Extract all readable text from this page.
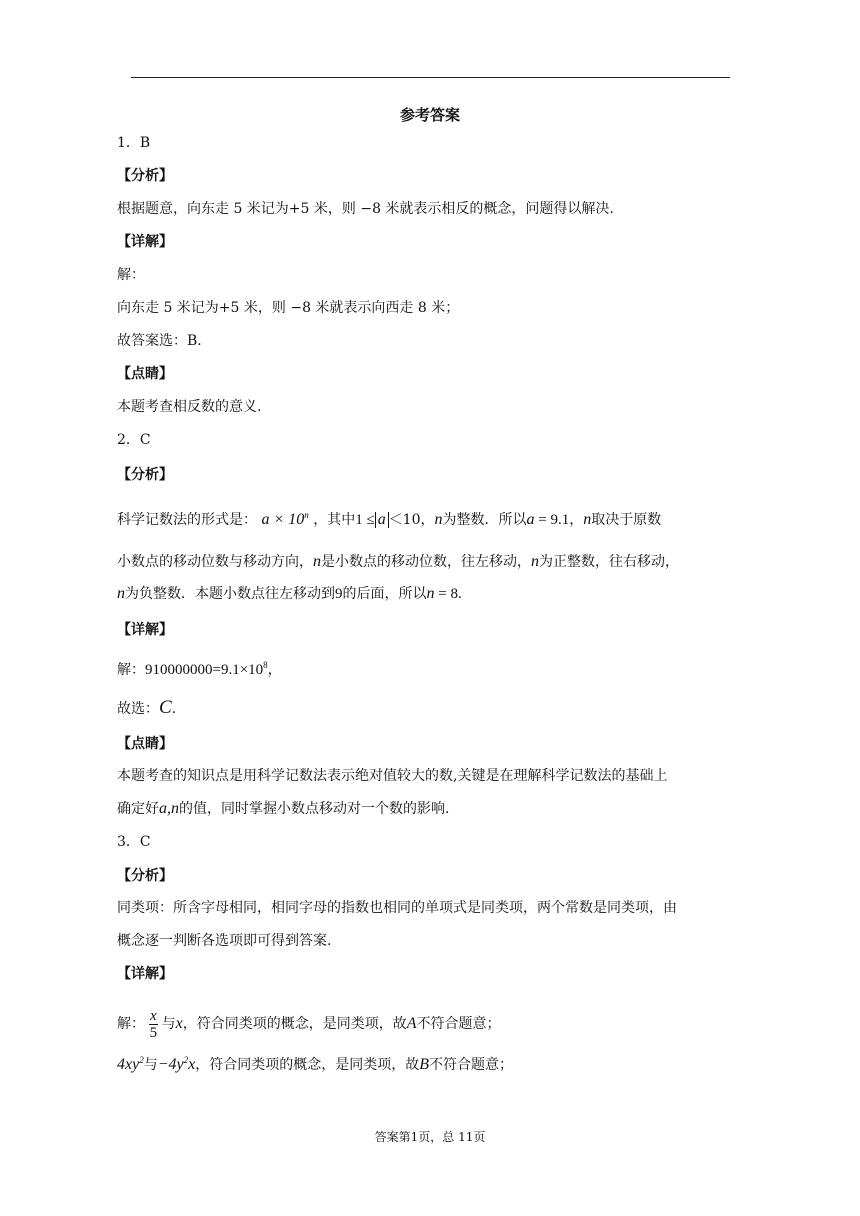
参考答案
1．B
【分析】
根据题意，向东走 5 米记为+5 米，则 −8 米就表示相反的概念，问题得以解决.
【详解】
解：
向东走 5 米记为+5 米，则 −8 米就表示向西走 8 米；
故答案选：B.
【点睛】
本题考查相反数的意义.
2．C
【分析】
科学记数法的形式是： $a \times 10^n$ ，其中1 ≤ a ＜10，n为整数．所以a = 9.1，n取决于原数
小数点的移动位数与移动方向，n是小数点的移动位数，往左移动，n为正整数，往右移动，
n为负整数．本题小数点往左移动到9的后面，所以n = 8.
【详解】
解：$910000000=9.1\times 10^8$，
故选：C.
【点睛】
本题考查的知识点是用科学记数法表示绝对值较大的数,关键是在理解科学记数法的基础上
确定好a,n的值，同时掌握小数点移动对一个数的影响.
3．C
【分析】
同类项：所含字母相同，相同字母的指数也相同的单项式是同类项，两个常数是同类项，由
概念逐一判断各选项即可得到答案.
【详解】
解： $\frac{x}{5}$ 与x，符合同类项的概念，是同类项，故A不符合题意；
$4xy^2$与$-4y^2x$，符合同类项的概念，是同类项，故B不符合题意；
答案第1页，总 11页
